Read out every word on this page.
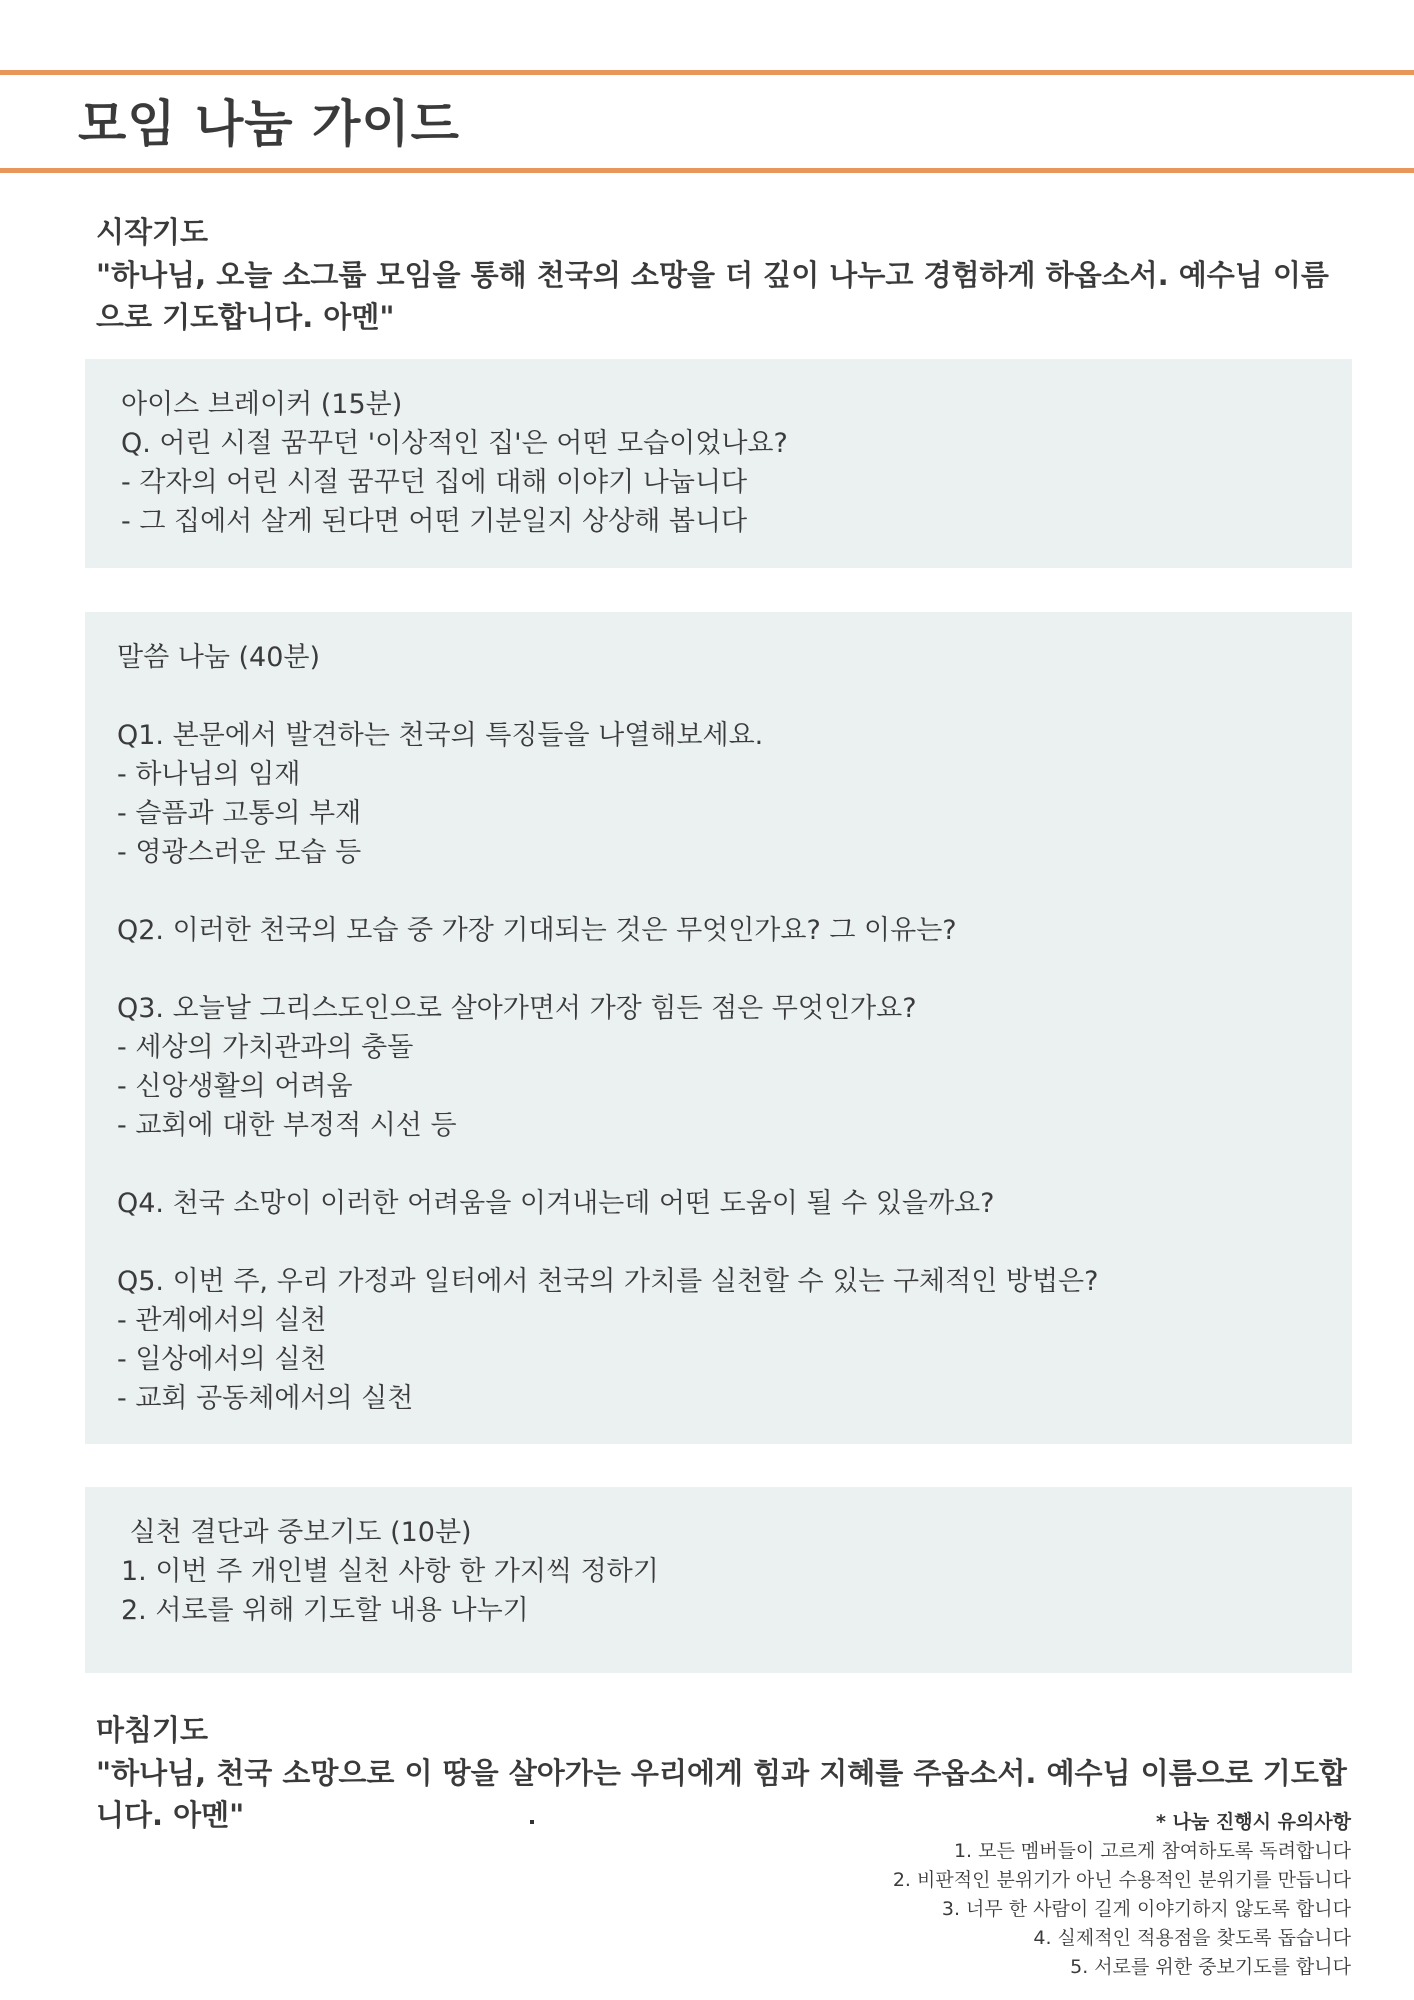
모임 나눔 가이드

시작기도

"하나님, 오늘 소그룹 모임을 통해 천국의 소망을 더 깊이 나누고 경험하게 하옵소서. 예수님 이름으로 기도합니다. 아멘"

아이스 브레이커 (15분)
Q. 어린 시절 꿈꾸던 '이상적인 집'은 어떤 모습이었나요?
- 각자의 어린 시절 꿈꾸던 집에 대해 이야기 나눕니다
- 그 집에서 살게 된다면 어떤 기분일지 상상해 봅니다
말씀 나눔 (40분)
Q1. 본문에서 발견하는 천국의 특징들을 나열해보세요.
- 하나님의 임재
- 슬픔과 고통의 부재
- 영광스러운 모습 등
Q2. 이러한 천국의 모습 중 가장 기대되는 것은 무엇인가요? 그 이유는?
Q3. 오늘날 그리스도인으로 살아가면서 가장 힘든 점은 무엇인가요?
- 세상의 가치관과의 충돌
- 신앙생활의 어려움
- 교회에 대한 부정적 시선 등
Q4. 천국 소망이 이러한 어려움을 이겨내는데 어떤 도움이 될 수 있을까요?
Q5. 이번 주, 우리 가정과 일터에서 천국의 가치를 실천할 수 있는 구체적인 방법은?
- 관계에서의 실천
- 일상에서의 실천
- 교회 공동체에서의 실천
실천 결단과 중보기도 (10분)
1. 이번 주 개인별 실천 사항 한 가지씩 정하기
2. 서로를 위해 기도할 내용 나누기

마침기도

"하나님, 천국 소망으로 이 땅을 살아가는 우리에게 힘과 지혜를 주옵소서. 예수님 이름으로 기도합니다. 아멘"	* 나눔 진행시 유의사항

1. 모든 멤버들이 고르게 참여하도록 독려합니다
2. 비판적인 분위기가 아닌 수용적인 분위기를 만듭니다
3. 너무 한 사람이 길게 이야기하지 않도록 합니다
4. 실제적인 적용점을 찾도록 돕습니다
5. 서로를 위한 중보기도를 합니다
